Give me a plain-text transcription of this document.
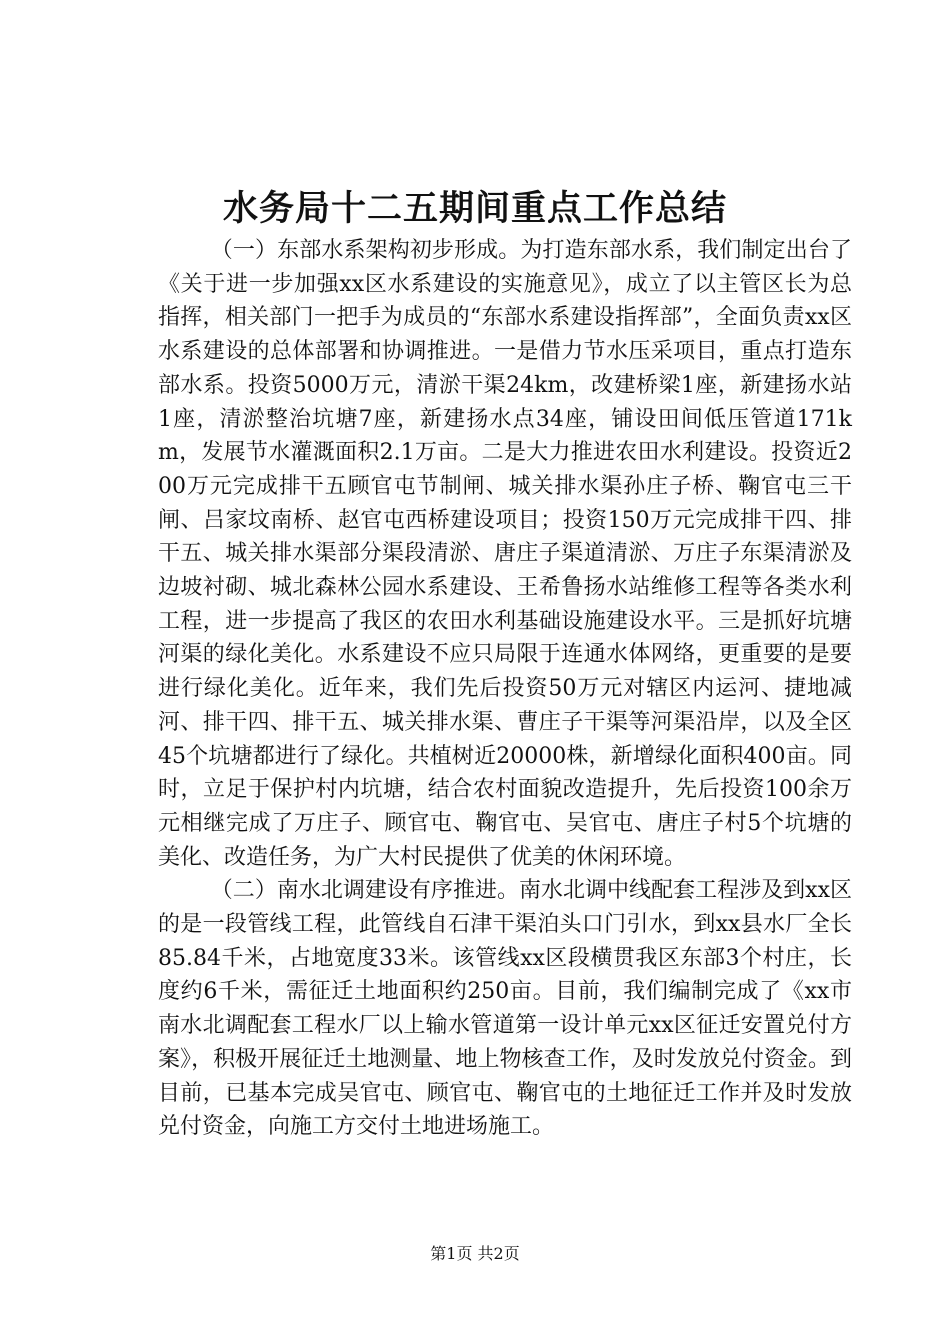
水务局十二五期间重点工作总结

（一）东部水系架构初步形成。为打造东部水系，我们制定出台了《关于进一步加强xx区水系建设的实施意见》，成立了以主管区长为总指挥，相关部门一把手为成员的“东部水系建设指挥部”，全面负责xx区水系建设的总体部署和协调推进。一是借力节水压采项目，重点打造东部水系。投资5000万元，清淤干渠24km，改建桥梁1座，新建扬水站1座，清淤整治坑塘7座，新建扬水点34座，铺设田间低压管道171km，发展节水灌溉面积2.1万亩。二是大力推进农田水利建设。投资近200万元完成排干五顾官屯节制闸、城关排水渠孙庄子桥、鞠官屯三干闸、吕家坟南桥、赵官屯西桥建设项目；投资150万元完成排干四、排干五、城关排水渠部分渠段清淤、唐庄子渠道清淤、万庄子东渠清淤及边坡衬砌、城北森林公园水系建设、王希鲁扬水站维修工程等各类水利工程，进一步提高了我区的农田水利基础设施建设水平。三是抓好坑塘河渠的绿化美化。水系建设不应只局限于连通水体网络，更重要的是要进行绿化美化。近年来，我们先后投资50万元对辖区内运河、捷地减河、排干四、排干五、城关排水渠、曹庄子干渠等河渠沿岸，以及全区45个坑塘都进行了绿化。共植树近20000株，新增绿化面积400亩。同时，立足于保护村内坑塘，结合农村面貌改造提升，先后投资100余万元相继完成了万庄子、顾官屯、鞠官屯、吴官屯、唐庄子村5个坑塘的美化、改造任务，为广大村民提供了优美的休闲环境。

（二）南水北调建设有序推进。南水北调中线配套工程涉及到xx区的是一段管线工程，此管线自石津干渠泊头口门引水，到xx县水厂全长85.84千米，占地宽度33米。该管线xx区段横贯我区东部3个村庄，长度约6千米，需征迁土地面积约250亩。目前，我们编制完成了《xx市南水北调配套工程水厂以上输水管道第一设计单元xx区征迁安置兑付方案》，积极开展征迁土地测量、地上物核查工作，及时发放兑付资金。到目前，已基本完成吴官屯、顾官屯、鞠官屯的土地征迁工作并及时发放兑付资金，向施工方交付土地进场施工。

第1页 共2页
